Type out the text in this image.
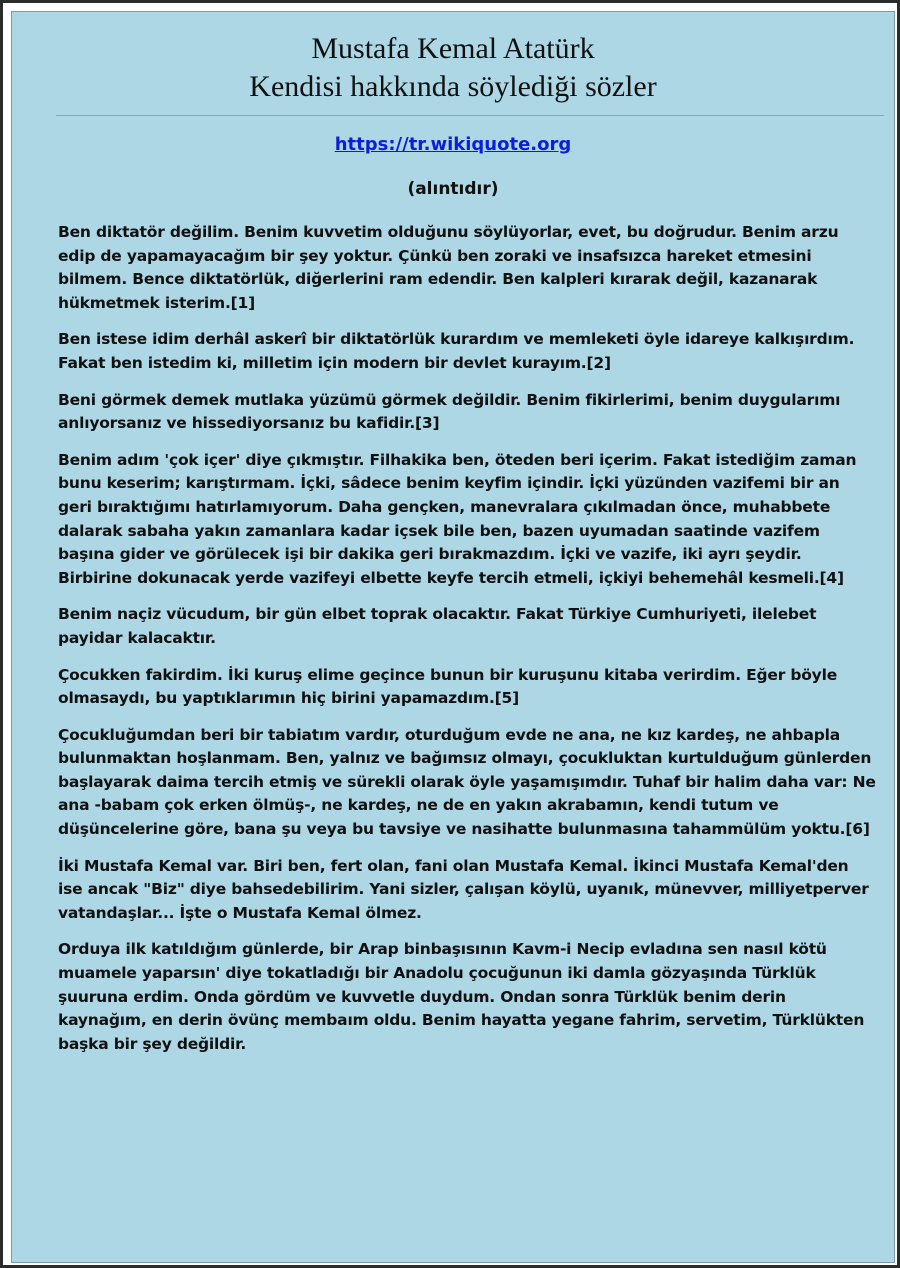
Mustafa Kemal Atatürk
Kendisi hakkında söylediği sözler
https://tr.wikiquote.org
(alıntıdır)

Ben diktatör değilim. Benim kuvvetim olduğunu söylüyorlar, evet, bu doğrudur. Benim arzu edip de yapamayacağım bir şey yoktur. Çünkü ben zoraki ve insafsızca hareket etmesini bilmem. Bence diktatörlük, diğerlerini ram edendir. Ben kalpleri kırarak değil, kazanarak hükmetmek isterim.[1]

Ben istese idim derhâl askerî bir diktatörlük kurardım ve memleketi öyle idareye kalkışırdım. Fakat ben istedim ki, milletim için modern bir devlet kurayım.[2]

Beni görmek demek mutlaka yüzümü görmek değildir. Benim fikirlerimi, benim duygularımı anlıyorsanız ve hissediyorsanız bu kafidir.[3]

Benim adım 'çok içer' diye çıkmıştır. Filhakika ben, öteden beri içerim. Fakat istediğim zaman bunu keserim; karıştırmam. İçki, sâdece benim keyfim içindir. İçki yüzünden vazifemi bir an geri bıraktığımı hatırlamıyorum. Daha gençken, manevralara çıkılmadan önce, muhabbete dalarak sabaha yakın zamanlara kadar içsek bile ben, bazen uyumadan saatinde vazifem başına gider ve görülecek işi bir dakika geri bırakmazdım. İçki ve vazife, iki ayrı şeydir. Birbirine dokunacak yerde vazifeyi elbette keyfe tercih etmeli, içkiyi behemehâl kesmeli.[4]

Benim naçiz vücudum, bir gün elbet toprak olacaktır. Fakat Türkiye Cumhuriyeti, ilelebet payidar kalacaktır.

Çocukken fakirdim. İki kuruş elime geçince bunun bir kuruşunu kitaba verirdim. Eğer böyle olmasaydı, bu yaptıklarımın hiç birini yapamazdım.[5]

Çocukluğumdan beri bir tabiatım vardır, oturduğum evde ne ana, ne kız kardeş, ne ahbapla bulunmaktan hoşlanmam. Ben, yalnız ve bağımsız olmayı, çocukluktan kurtulduğum günlerden başlayarak daima tercih etmiş ve sürekli olarak öyle yaşamışımdır. Tuhaf bir halim daha var: Ne ana -babam çok erken ölmüş-, ne kardeş, ne de en yakın akrabamın, kendi tutum ve düşüncelerine göre, bana şu veya bu tavsiye ve nasihatte bulunmasına tahammülüm yoktu.[6]

İki Mustafa Kemal var. Biri ben, fert olan, fani olan Mustafa Kemal. İkinci Mustafa Kemal'den ise ancak "Biz" diye bahsedebilirim. Yani sizler, çalışan köylü, uyanık, münevver, milliyetperver vatandaşlar... İşte o Mustafa Kemal ölmez.

Orduya ilk katıldığım günlerde, bir Arap binbaşısının Kavm-i Necip evladına sen nasıl kötü muamele yaparsın' diye tokatladığı bir Anadolu çocuğunun iki damla gözyaşında Türklük şuuruna erdim. Onda gördüm ve kuvvetle duydum. Ondan sonra Türklük benim derin kaynağım, en derin övünç membaım oldu. Benim hayatta yegane fahrim, servetim, Türklükten başka bir şey değildir.
